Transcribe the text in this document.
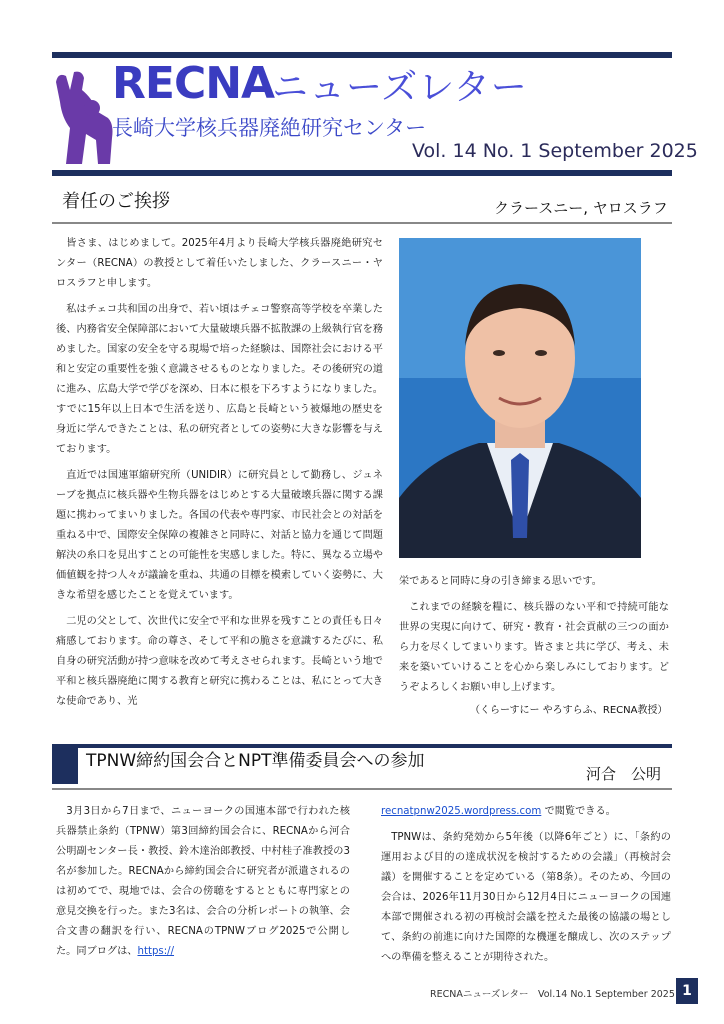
RECNA
ニューズレター
長崎大学核兵器廃絶研究センター
Vol. 14 No. 1 September 2025
着任のご挨拶	クラースニー, ヤロスラフ

皆さま、はじめまして。2025年4月より長崎大学核兵器廃絶研究センター（RECNA）の教授として着任いたしました、クラースニー・ヤロスラフと申します。

私はチェコ共和国の出身で、若い頃はチェコ警察高等学校を卒業した後、内務省安全保障部において大量破壊兵器不拡散課の上級執行官を務めました。国家の安全を守る現場で培った経験は、国際社会における平和と安定の重要性を強く意識させるものとなりました。その後研究の道に進み、広島大学で学びを深め、日本に根を下ろすようになりました。すでに15年以上日本で生活を送り、広島と長崎という被爆地の歴史を身近に学んできたことは、私の研究者としての姿勢に大きな影響を与えております。

直近では国連軍縮研究所（UNIDIR）に研究員として勤務し、ジュネーブを拠点に核兵器や生物兵器をはじめとする大量破壊兵器に関する課題に携わってまいりました。各国の代表や専門家、市民社会との対話を重ねる中で、国際安全保障の複雑さと同時に、対話と協力を通じて問題解決の糸口を見出すことの可能性を実感しました。特に、異なる立場や価値観を持つ人々が議論を重ね、共通の目標を模索していく姿勢に、大きな希望を感じたことを覚えています。

二児の父として、次世代に安全で平和な世界を残すことの責任も日々痛感しております。命の尊さ、そして平和の脆さを意識するたびに、私自身の研究活動が持つ意味を改めて考えさせられます。長崎という地で平和と核兵器廃絶に関する教育と研究に携わることは、私にとって大きな使命であり、光

栄であると同時に身の引き締まる思いです。

これまでの経験を糧に、核兵器のない平和で持続可能な世界の実現に向けて、研究・教育・社会貢献の三つの面から力を尽くしてまいります。皆さまと共に学び、考え、未来を築いていけることを心から楽しみにしております。どうぞよろしくお願い申し上げます。

（くらーすにー やろすらふ、RECNA教授）
TPNW締約国会合とNPT準備委員会への参加
河合　公明

3月3日から7日まで、ニューヨークの国連本部で行われた核兵器禁止条約（TPNW）第3回締約国会合に、RECNAから河合公明副センター長・教授、鈴木達治郎教授、中村桂子准教授の3名が参加した。RECNAから締約国会合に研究者が派遣されるのは初めてで、現地では、会合の傍聴をするとともに専門家との意見交換を行った。また3名は、会合の分析レポートの執筆、会合文書の翻訳を行い、RECNAのTPNWブログ2025で公開した。同ブログは、https://

recnatpnw2025.wordpress.com で閲覧できる。

TPNWは、条約発効から5年後（以降6年ごと）に、「条約の運用および目的の達成状況を検討するための会議」（再検討会議）を開催することを定めている（第8条）。そのため、今回の会合は、2026年11月30日から12月4日にニューヨークの国連本部で開催される初の再検討会議を控えた最後の協議の場として、条約の前進に向けた国際的な機運を醸成し、次のステップへの準備を整えることが期待された。

RECNAニューズレター　Vol.14 No.1 September 2025 1
